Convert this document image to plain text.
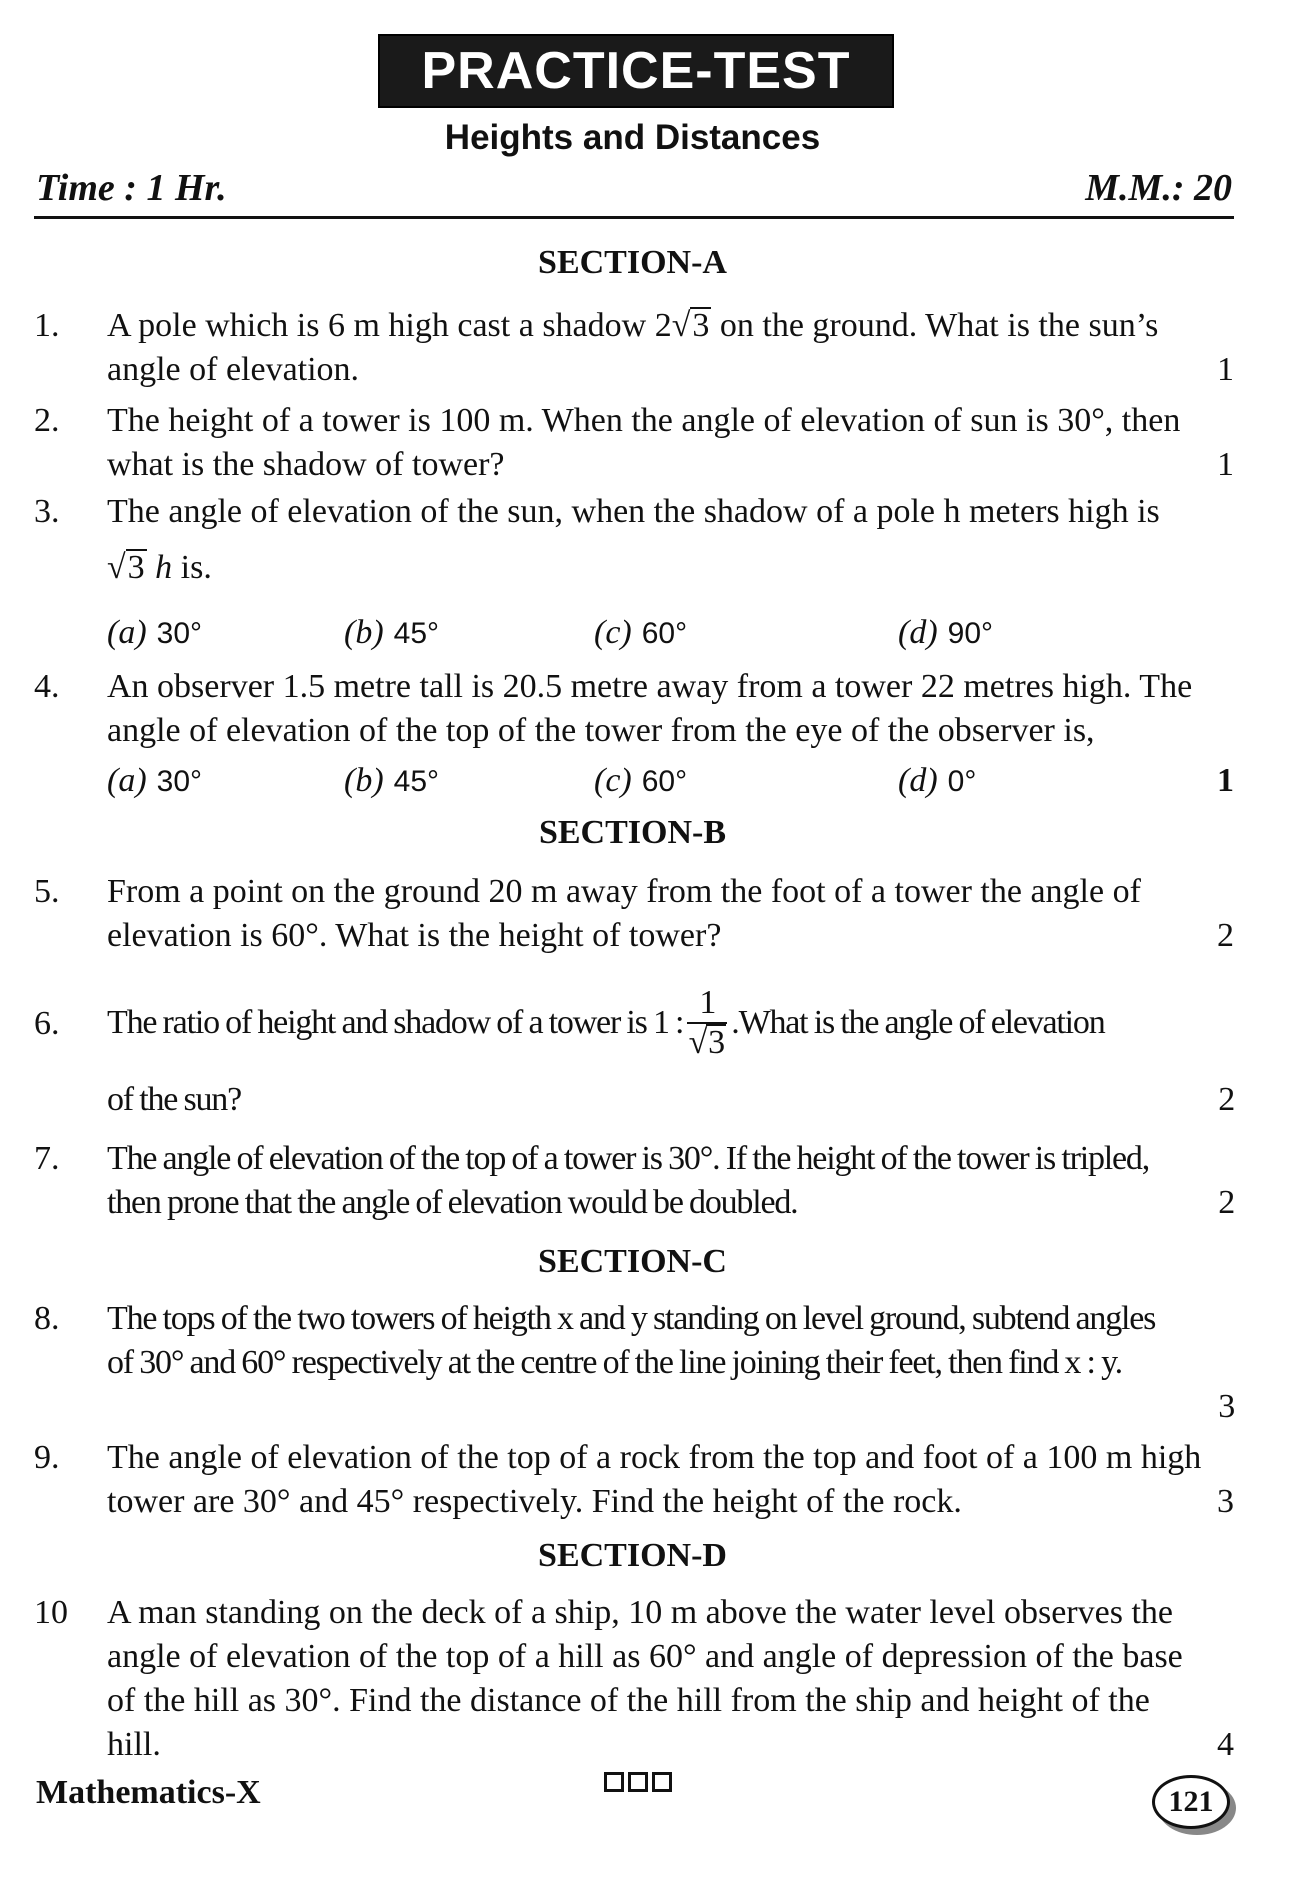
PRACTICE-TEST
Heights and Distances
Time : 1 Hr.	M.M.: 20
SECTION-A
1. A pole which is 6 m high cast a shadow 2√3 on the ground. What is the sun’s
angle of elevation.	1
2. The height of a tower is 100 m. When the angle of elevation of sun is 30°, then
what is the shadow of tower?	1
3. The angle of elevation of the sun, when the shadow of a pole h meters high is
√3 h is.
(a) 30°	(b) 45°	(c) 60°	(d) 90°
4. An observer 1.5 metre tall is 20.5 metre away from a tower 22 metres high. The
angle of elevation of the top of the tower from the eye of the observer is,
(a) 30°	(b) 45°	(c) 60°	(d) 0°	1
SECTION-B
5. From a point on the ground 20 m away from the foot of a tower the angle of
elevation is 60°. What is the height of tower?	2
6. The ratio of height and shadow of a tower is 1 : $\frac{1}{√3}$ .What is the angle of elevation
of the sun?	2
7. The angle of elevation of the top of a tower is 30°. If the height of the tower is tripled,
then prone that the angle of elevation would be doubled.	2
SECTION-C
8. The tops of the two towers of heigth x and y standing on level ground, subtend angles
of 30° and 60° respectively at the centre of the line joining their feet, then find x : y.
3
9. The angle of elevation of the top of a rock from the top and foot of a 100 m high
tower are 30° and 45° respectively. Find the height of the rock.	3
SECTION-D
10 A man standing on the deck of a ship, 10 m above the water level observes the
angle of elevation of the top of a hill as 60° and angle of depression of the base
of the hill as 30°. Find the distance of the hill from the ship and height of the
hill.	4
Mathematics-X	121
